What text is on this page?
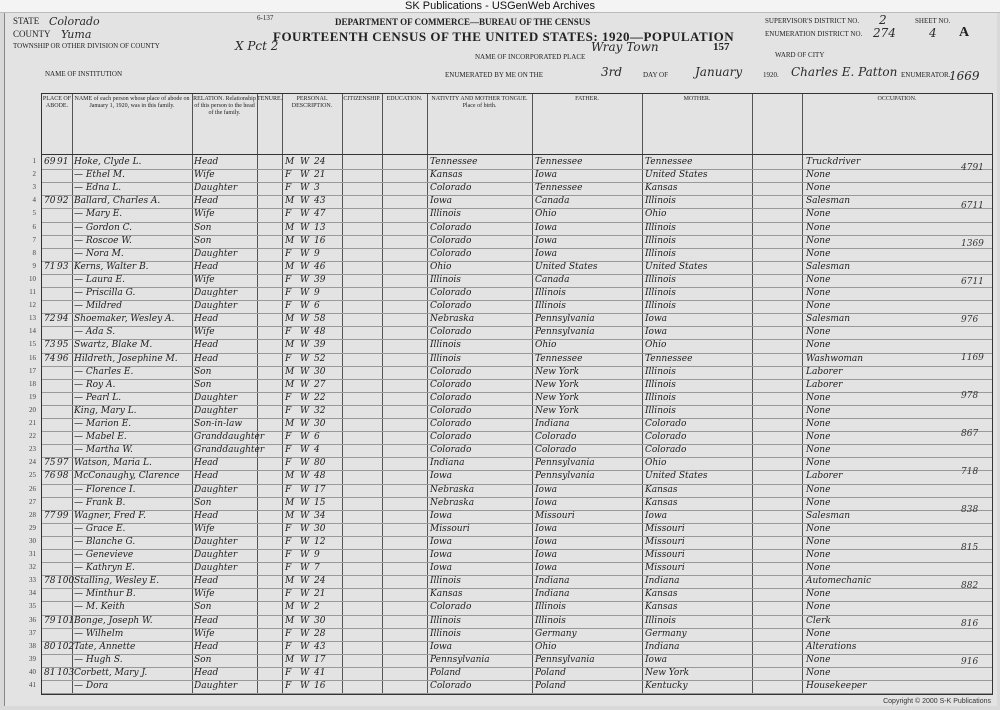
SK Publications - USGenWeb Archives
STATE Colorado
COUNTY Yuma
TOWNSHIP OR OTHER DIVISION OF COUNTY	X Pct 2
NAME OF INSTITUTION
6-137	DEPARTMENT OF COMMERCE—BUREAU OF THE CENSUS
FOURTEENTH CENSUS OF THE UNITED STATES: 1920—POPULATION
NAME OF INCORPORATED PLACE
Wray Town
ENUMERATED BY ME ON THE	3rd	DAY OF January	1920. Charles E. Patton ENUMERATOR.
157
SUPERVISOR'S DISTRICT NO. 2
ENUMERATION DISTRICT NO. 274
SHEET NO.
4 A
WARD OF CITY
1669
PLACE OF ABODE.
NAME of each person whose place of abode on January 1, 1920, was in this family.
RELATION. Relationship of this person to the head of the family.
TENURE.	PERSONAL DESCRIPTION.
CITIZENSHIP.	EDUCATION.	NATIVITY AND MOTHER TONGUE. Place of birth.
FATHER.	MOTHER.	OCCUPATION.
1 69 91 Hoke, Clyde L.	Head	M W 24	Tennessee	Tennessee	Tennessee	Truckdriver
2	— Ethel M.	Wife	F W 21	Kansas	Iowa	United States	None
3	— Edna L.	Daughter	F W 3	Colorado	Tennessee	Kansas	None
4 70 92 Ballard, Charles A.	Head	M W 43	Iowa	Canada	Illinois	Salesman
5	— Mary E.	Wife	F W 47	Illinois	Ohio	Ohio	None
6	— Gordon C.	Son	M W 13	Colorado	Iowa	Illinois	None
7	— Roscoe W.	Son	M W 16	Colorado	Iowa	Illinois	None
8	— Nora M.	Daughter	F W 9	Colorado	Iowa	Illinois	None
9 71 93 Kerns, Walter B.	Head	M W 46	Ohio	United States	United States	Salesman
10	— Laura E.	Wife	F W 39	Illinois	Canada	Illinois	None
11	— Priscilla G.	Daughter	F W 9	Colorado	Illinois	Illinois	None
12	— Mildred	Daughter	F W 6	Colorado	Illinois	Illinois	None
13 72 94 Shoemaker, Wesley A.	Head	M W 58	Nebraska	Pennsylvania	Iowa	Salesman
14	— Ada S.	Wife	F W 48	Colorado	Pennsylvania	Iowa	None
15 73 95 Swartz, Blake M.	Head	M W 39	Illinois	Ohio	Ohio	None
16 74 96 Hildreth, Josephine M.	Head	F W 52	Illinois	Tennessee	Tennessee	Washwoman
17	— Charles E.	Son	M W 30	Colorado	New York	Illinois	Laborer
18	— Roy A.	Son	M W 27	Colorado	New York	Illinois	Laborer
19	— Pearl L.	Daughter	F W 22	Colorado	New York	Illinois	None
20	King, Mary L.	Daughter	F W 32	Colorado	New York	Illinois	None
21	— Marion E.	Son-in-law	M W 30	Colorado	Indiana	Colorado	None
22	— Mabel E.	Granddaughter F W 6	Colorado	Colorado	Colorado	None
23	— Martha W.	Granddaughter F W 4	Colorado	Colorado	Colorado	None
24 75 97 Watson, Maria L.	Head	F W 80	Indiana	Pennsylvania	Ohio	None
25 76 98 McConaughy, Clarence	Head	M W 48	Iowa	Pennsylvania	United States	Laborer
26	— Florence I.	Daughter	F W 17	Nebraska	Iowa	Kansas	None
27	— Frank B.	Son	M W 15	Nebraska	Iowa	Kansas	None
28 77 99 Wagner, Fred F.	Head	M W 34	Iowa	Missouri	Iowa	Salesman
29	— Grace E.	Wife	F W 30	Missouri	Iowa	Missouri	None
30	— Blanche G.	Daughter	F W 12	Iowa	Iowa	Missouri	None
31	— Genevieve	Daughter	F W 9	Iowa	Iowa	Missouri	None
32	— Kathryn E.	Daughter	F W 7	Iowa	Iowa	Missouri	None
33 78 100 Stalling, Wesley E.	Head	M W 24	Illinois	Indiana	Indiana	Automechanic
34	— Minthur B.	Wife	F W 21	Kansas	Indiana	Kansas	None
35	— M. Keith	Son	M W 2	Colorado	Illinois	Kansas	None
36 79 101 Bonge, Joseph W.	Head	M W 30	Illinois	Illinois	Illinois	Clerk
37	— Wilhelm	Wife	F W 28	Illinois	Germany	Germany	None
38 80 102 Tate, Annette	Head	F W 43	Iowa	Ohio	Indiana	Alterations
39	— Hugh S.	Son	M W 17	Pennsylvania	Pennsylvania	Iowa	None
40 81 103 Corbett, Mary J.	Head	F W 41	Poland	Poland	New York	None
41	— Dora	Daughter	F W 16	Colorado	Poland	Kentucky	Housekeeper
4791
6711
1369
6711
976
1169
978
867
718
838
815
882
816
916
Copyright © 2000 S-K Publications
